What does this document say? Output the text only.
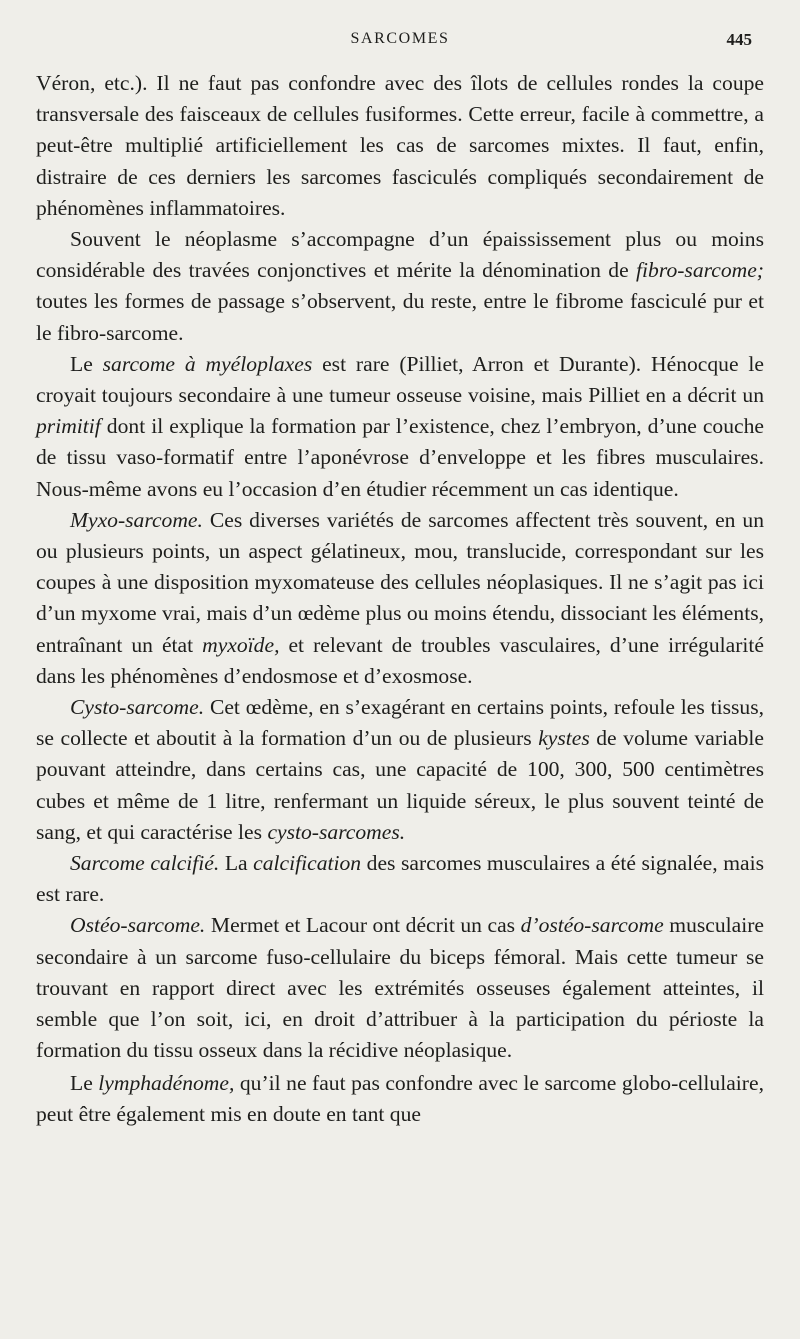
SARCOMES	445

Véron, etc.). Il ne faut pas confondre avec des îlots de cellules rondes la coupe transversale des faisceaux de cellules fusiformes. Cette erreur, facile à commettre, a peut-être multiplié artificiellement les cas de sarcomes mixtes. Il faut, enfin, distraire de ces derniers les sarcomes fasciculés compliqués secondairement de phénomènes inflammatoires.

Souvent le néoplasme s’accompagne d’un épaississement plus ou moins considérable des travées conjonctives et mérite la dénomination de fibro-sarcome; toutes les formes de passage s’observent, du reste, entre le fibrome fasciculé pur et le fibro-sarcome.

Le sarcome à myéloplaxes est rare (Pilliet, Arron et Durante). Hénocque le croyait toujours secondaire à une tumeur osseuse voisine, mais Pilliet en a décrit un primitif dont il explique la formation par l’existence, chez l’embryon, d’une couche de tissu vaso-formatif entre l’aponévrose d’enveloppe et les fibres musculaires. Nous-même avons eu l’occasion d’en étudier récemment un cas identique.

Myxo-sarcome. Ces diverses variétés de sarcomes affectent très souvent, en un ou plusieurs points, un aspect gélatineux, mou, translucide, correspondant sur les coupes à une disposition myxomateuse des cellules néoplasiques. Il ne s’agit pas ici d’un myxome vrai, mais d’un œdème plus ou moins étendu, dissociant les éléments, entraînant un état myxoïde, et relevant de troubles vasculaires, d’une irrégularité dans les phénomènes d’endosmose et d’exosmose.

Cysto-sarcome. Cet œdème, en s’exagérant en certains points, refoule les tissus, se collecte et aboutit à la formation d’un ou de plusieurs kystes de volume variable pouvant atteindre, dans certains cas, une capacité de 100, 300, 500 centimètres cubes et même de 1 litre, renfermant un liquide séreux, le plus souvent teinté de sang, et qui caractérise les cysto-sarcomes.

Sarcome calcifié. La calcification des sarcomes musculaires a été signalée, mais est rare.

Ostéo-sarcome. Mermet et Lacour ont décrit un cas d’ostéo-sarcome musculaire secondaire à un sarcome fuso-cellulaire du biceps fémoral. Mais cette tumeur se trouvant en rapport direct avec les extrémités osseuses également atteintes, il semble que l’on soit, ici, en droit d’attribuer à la participation du périoste la formation du tissu osseux dans la récidive néoplasique.

Le lymphadénome, qu’il ne faut pas confondre avec le sarcome globo-cellulaire, peut être également mis en doute en tant que
